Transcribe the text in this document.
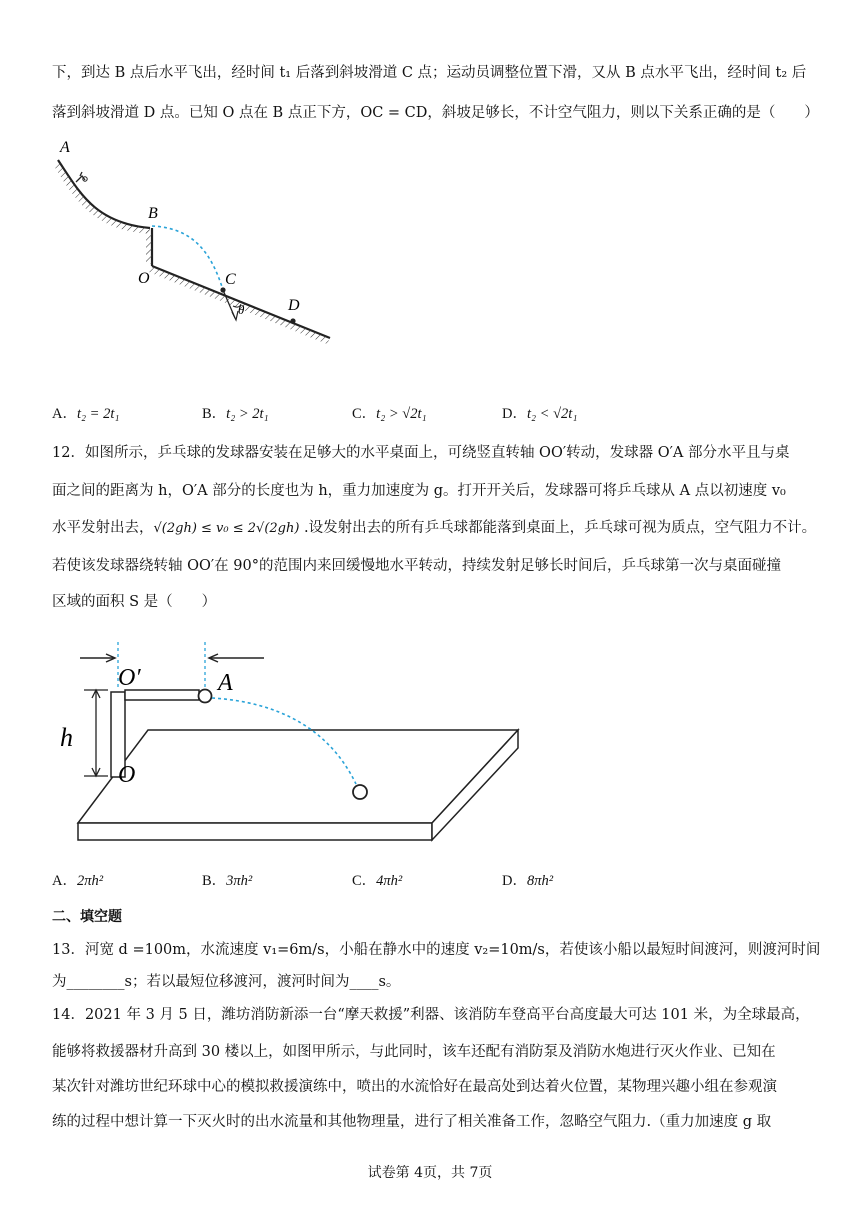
下，到达 B 点后水平飞出，经时间 t₁ 后落到斜坡滑道 C 点；运动员调整位置下滑，又从 B 点水平飞出，经时间 t₂ 后
落到斜坡滑道 D 点。已知 O 点在 B 点正下方，OC = CD，斜坡足够长，不计空气阻力，则以下关系正确的是（　　）
A
B
O	C
D
θ
A．t₂ = 2t₁	B．t₂ > 2t₁	C．t₂ > √2t₁	D．t₂ < √2t₁
12．如图所示，乒乓球的发球器安装在足够大的水平桌面上，可绕竖直转轴 OO′转动，发球器 O′A 部分水平且与桌
面之间的距离为 h，O′A 部分的长度也为 h，重力加速度为 g。打开开关后，发球器可将乒乓球从 A 点以初速度 v₀
水平发射出去，√(2gh) ≤ v₀ ≤ 2√(2gh) .设发射出去的所有乒乓球都能落到桌面上，乒乓球可视为质点，空气阻力不计。
若使该发球器绕转轴 OO′在 90°的范围内来回缓慢地水平转动，持续发射足够长时间后，乒乓球第一次与桌面碰撞
区域的面积 S 是（　　）
O′	A
h
O
A．2πh²	B．3πh²	C．4πh²	D．8πh²
二、填空题
13．河宽 d =100m，水流速度 v₁=6m/s，小船在静水中的速度 v₂=10m/s，若使该小船以最短时间渡河，则渡河时间
为________s；若以最短位移渡河，渡河时间为____s。
14．2021 年 3 月 5 日，潍坊消防新添一台“摩天救援”利器、该消防车登高平台高度最大可达 101 米，为全球最高，
能够将救援器材升高到 30 楼以上，如图甲所示，与此同时，该车还配有消防泵及消防水炮进行灭火作业、已知在
某次针对潍坊世纪环球中心的模拟救援演练中，喷出的水流恰好在最高处到达着火位置，某物理兴趣小组在参观演
练的过程中想计算一下灭火时的出水流量和其他物理量，进行了相关准备工作，忽略空气阻力.（重力加速度 g 取
试卷第 4页，共 7页
